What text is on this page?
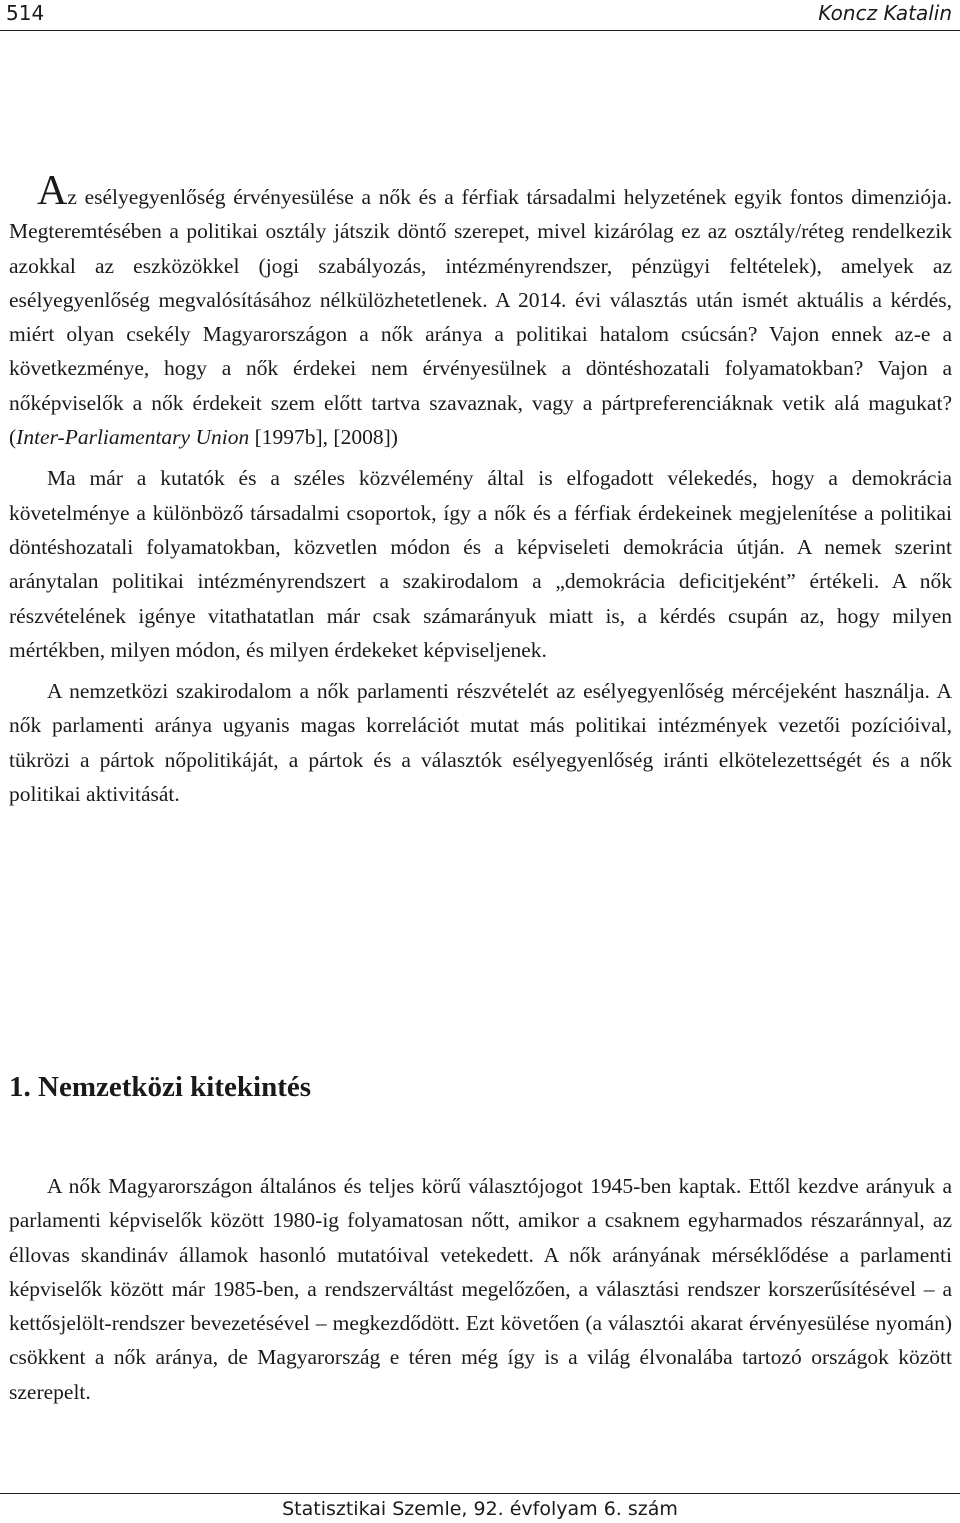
514	Koncz Katalin

Az esélyegyenlőség érvényesülése a nők és a férfiak társadalmi helyzetének egyik fontos dimenziója. Megteremtésében a politikai osztály játszik döntő szerepet, mivel kizárólag ez az osztály/réteg rendelkezik azokkal az eszközökkel (jogi szabályozás, intézményrendszer, pénzügyi feltételek), amelyek az esélyegyenlőség megvalósításához nélkülözhetetlenek. A 2014. évi választás után ismét aktuális a kérdés, miért olyan csekély Magyarországon a nők aránya a politikai hatalom csúcsán? Vajon ennek az-e a következménye, hogy a nők érdekei nem érvényesülnek a döntéshozatali folyamatokban? Vajon a nőképviselők a nők érdekeit szem előtt tartva szavaznak, vagy a pártpreferenciáknak vetik alá magukat? (Inter-Parliamentary Union [1997b], [2008])

Ma már a kutatók és a széles közvélemény által is elfogadott vélekedés, hogy a demokrácia követelménye a különböző társadalmi csoportok, így a nők és a férfiak érdekeinek megjelenítése a politikai döntéshozatali folyamatokban, közvetlen módon és a képviseleti demokrácia útján. A nemek szerint aránytalan politikai intézményrendszert a szakirodalom a „demokrácia deficitjeként” értékeli. A nők részvételének igénye vitathatatlan már csak számarányuk miatt is, a kérdés csupán az, hogy milyen mértékben, milyen módon, és milyen érdekeket képviseljenek.

A nemzetközi szakirodalom a nők parlamenti részvételét az esélyegyenlőség mércéjeként használja. A nők parlamenti aránya ugyanis magas korrelációt mutat más politikai intézmények vezetői pozícióival, tükrözi a pártok nőpolitikáját, a pártok és a választók esélyegyenlőség iránti elkötelezettségét és a nők politikai aktivitását.

1. Nemzetközi kitekintés

A nők Magyarországon általános és teljes körű választójogot 1945-ben kaptak. Ettől kezdve arányuk a parlamenti képviselők között 1980-ig folyamatosan nőtt, amikor a csaknem egyharmados részaránnyal, az éllovas skandináv államok hasonló mutatóival vetekedett. A nők arányának mérséklődése a parlamenti képviselők között már 1985-ben, a rendszerváltást megelőzően, a választási rendszer korszerűsítésével – a kettősjelölt-rendszer bevezetésével – megkezdődött. Ezt követően (a választói akarat érvényesülése nyomán) csökkent a nők aránya, de Magyarország e téren még így is a világ élvonalába tartozó országok között szerepelt.

Statisztikai Szemle, 92. évfolyam 6. szám
